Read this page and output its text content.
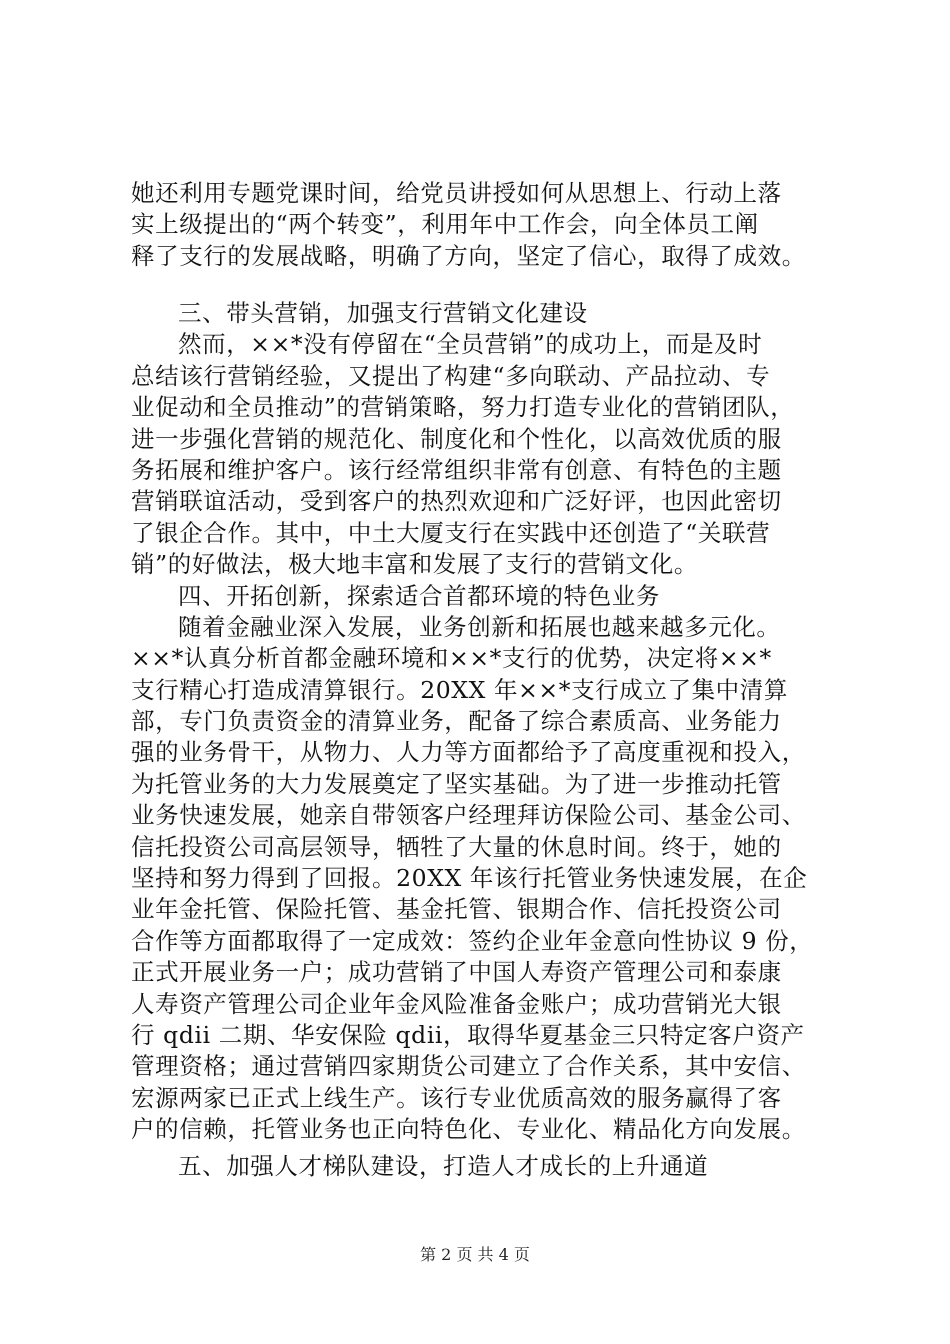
她还利用专题党课时间，给党员讲授如何从思想上、行动上落
实上级提出的“两个转变”，利用年中工作会，向全体员工阐
释了支行的发展战略，明确了方向，坚定了信心，取得了成效。
三、带头营销，加强支行营销文化建设
然而，××*没有停留在“全员营销”的成功上，而是及时
总结该行营销经验，又提出了构建“多向联动、产品拉动、专
业促动和全员推动”的营销策略，努力打造专业化的营销团队，
进一步强化营销的规范化、制度化和个性化，以高效优质的服
务拓展和维护客户。该行经常组织非常有创意、有特色的主题
营销联谊活动，受到客户的热烈欢迎和广泛好评，也因此密切
了银企合作。其中，中土大厦支行在实践中还创造了“关联营
销”的好做法，极大地丰富和发展了支行的营销文化。
四、开拓创新，探索适合首都环境的特色业务
随着金融业深入发展，业务创新和拓展也越来越多元化。
××*认真分析首都金融环境和××*支行的优势，决定将××*
支行精心打造成清算银行。20XX 年××*支行成立了集中清算
部，专门负责资金的清算业务，配备了综合素质高、业务能力
强的业务骨干，从物力、人力等方面都给予了高度重视和投入，
为托管业务的大力发展奠定了坚实基础。为了进一步推动托管
业务快速发展，她亲自带领客户经理拜访保险公司、基金公司、
信托投资公司高层领导，牺牲了大量的休息时间。终于，她的
坚持和努力得到了回报。20XX 年该行托管业务快速发展，在企
业年金托管、保险托管、基金托管、银期合作、信托投资公司
合作等方面都取得了一定成效：签约企业年金意向性协议 9 份，
正式开展业务一户；成功营销了中国人寿资产管理公司和泰康
人寿资产管理公司企业年金风险准备金账户；成功营销光大银
行 qdii 二期、华安保险 qdii，取得华夏基金三只特定客户资产
管理资格；通过营销四家期货公司建立了合作关系，其中安信、
宏源两家已正式上线生产。该行专业优质高效的服务赢得了客
户的信赖，托管业务也正向特色化、专业化、精品化方向发展。
五、加强人才梯队建设，打造人才成长的上升通道
第 2 页 共 4 页
